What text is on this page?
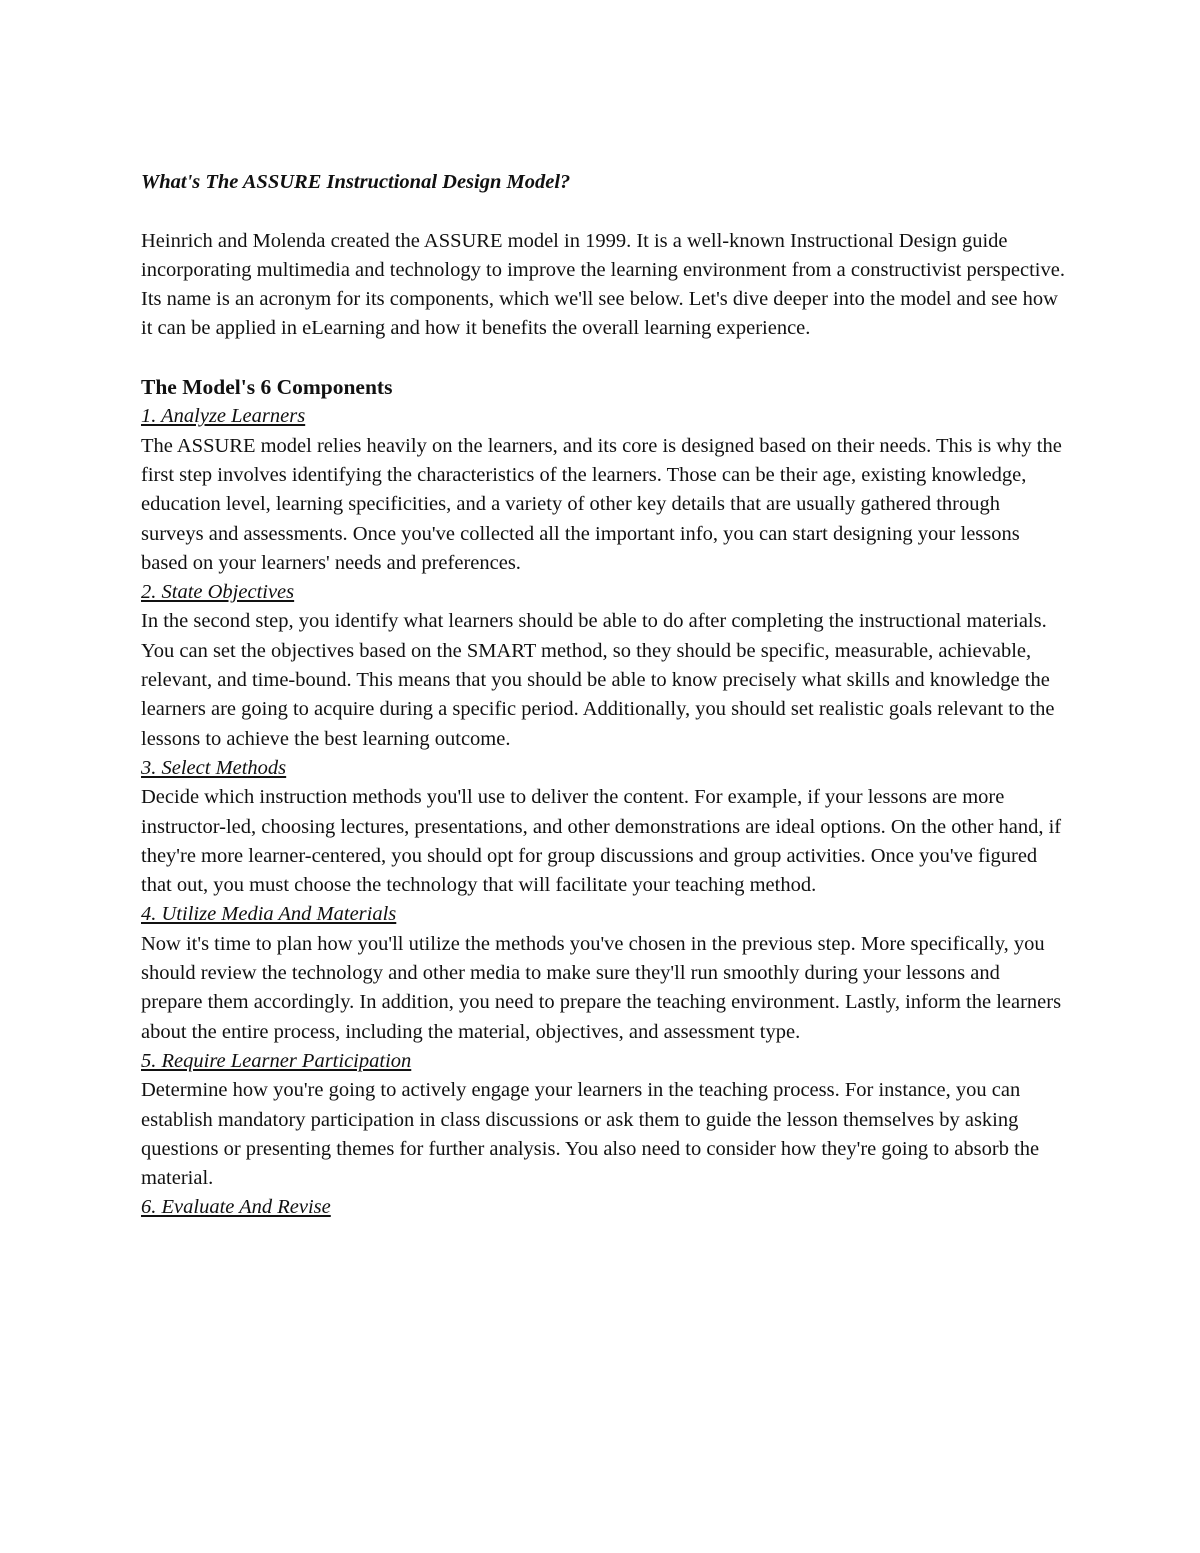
What's The ASSURE Instructional Design Model?

Heinrich and Molenda created the ASSURE model in 1999. It is a well-known Instructional Design guide incorporating multimedia and technology to improve the learning environment from a constructivist perspective. Its name is an acronym for its components, which we'll see below. Let's dive deeper into the model and see how it can be applied in eLearning and how it benefits the overall learning experience.

The Model's 6 Components

1. Analyze Learners

The ASSURE model relies heavily on the learners, and its core is designed based on their needs. This is why the first step involves identifying the characteristics of the learners. Those can be their age, existing knowledge, education level, learning specificities, and a variety of other key details that are usually gathered through surveys and assessments. Once you've collected all the important info, you can start designing your lessons based on your learners' needs and preferences.

2. State Objectives

In the second step, you identify what learners should be able to do after completing the instructional materials. You can set the objectives based on the SMART method, so they should be specific, measurable, achievable, relevant, and time-bound. This means that you should be able to know precisely what skills and knowledge the learners are going to acquire during a specific period. Additionally, you should set realistic goals relevant to the lessons to achieve the best learning outcome.

3. Select Methods

Decide which instruction methods you'll use to deliver the content. For example, if your lessons are more instructor-led, choosing lectures, presentations, and other demonstrations are ideal options. On the other hand, if they're more learner-centered, you should opt for group discussions and group activities. Once you've figured that out, you must choose the technology that will facilitate your teaching method.

4. Utilize Media And Materials

Now it's time to plan how you'll utilize the methods you've chosen in the previous step. More specifically, you should review the technology and other media to make sure they'll run smoothly during your lessons and prepare them accordingly. In addition, you need to prepare the teaching environment. Lastly, inform the learners about the entire process, including the material, objectives, and assessment type.

5. Require Learner Participation

Determine how you're going to actively engage your learners in the teaching process. For instance, you can establish mandatory participation in class discussions or ask them to guide the lesson themselves by asking questions or presenting themes for further analysis. You also need to consider how they're going to absorb the material.

6. Evaluate And Revise
